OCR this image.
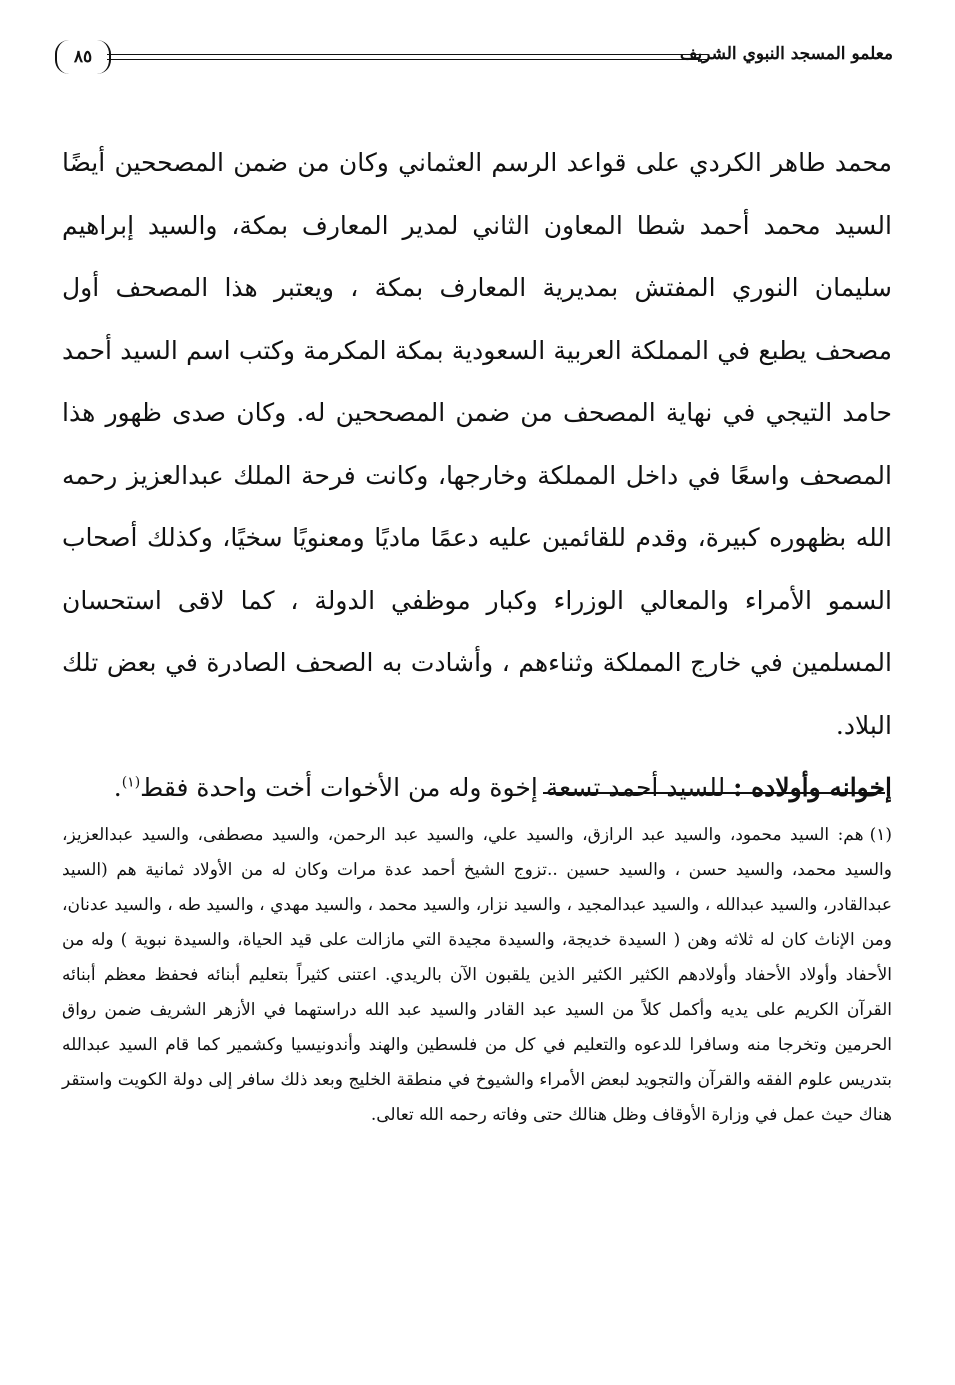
٨٥	معلمو المسجد النبوي الشريف

محمد طاهر الكردي على قواعد الرسم العثماني وكان من ضمن المصححين أيضًا السيد محمد أحمد شطا المعاون الثاني لمدير المعارف بمكة، والسيد إبراهيم سليمان النوري المفتش بمديرية المعارف بمكة ، ويعتبر هذا المصحف أول مصحف يطبع في المملكة العربية السعودية بمكة المكرمة وكتب اسم السيد أحمد حامد التيجي في نهاية المصحف من ضمن المصححين له. وكان صدى ظهور هذا المصحف واسعًا في داخل المملكة وخارجها، وكانت فرحة الملك عبدالعزيز رحمه الله بظهوره كبيرة، وقدم للقائمين عليه دعمًا ماديًا ومعنويًا سخيًا، وكذلك أصحاب السمو الأمراء والمعالي الوزراء وكبار موظفي الدولة ، كما لاقى استحسان المسلمين في خارج المملكة وثناءهم ، وأشادت به الصحف الصادرة في بعض تلك البلاد.

إخوانه وأولاده : للسيد أحمد تسعة إخوة وله من الأخوات أخت واحدة فقط$^{(١)}$.

(١)هم: السيد محمود، والسيد عبد الرازق، والسيد علي، والسيد عبد الرحمن، والسيد مصطفى، والسيد عبدالعزيز، والسيد محمد، والسيد حسن ، والسيد حسين ..تزوج الشيخ أحمد عدة مرات وكان له من الأولاد ثمانية هم (السيد عبدالقادر، والسيد عبدالله ، والسيد عبدالمجيد ، والسيد نزار، والسيد محمد ، والسيد مهدي ، والسيد طه ، والسيد عدنان، ومن الإناث كان له ثلاثه وهن ( السيدة خديجة، والسيدة مجيدة التي مازالت على قيد الحياة، والسيدة نبوية ) وله من الأحفاد وأولاد الأحفاد وأولادهم الكثير الكثير الذين يلقبون الآن بالريدي. اعتنى كثيراً بتعليم أبنائه فحفظ معظم أبنائه القرآن الكريم على يديه وأكمل كلاً من السيد عبد القادر والسيد عبد الله دراستهما في الأزهر الشريف ضمن رواق الحرمين وتخرجا منه وسافرا للدعوه والتعليم في كل من فلسطين والهند وأندونيسيا وكشمير كما قام السيد عبدالله بتدريس علوم الفقه والقرآن والتجويد لبعض الأمراء والشيوخ في منطقة الخليج وبعد ذلك سافر إلى دولة الكويت واستقر هناك حيث عمل في وزارة الأوقاف وظل هنالك حتى وفاته رحمه الله تعالى.
